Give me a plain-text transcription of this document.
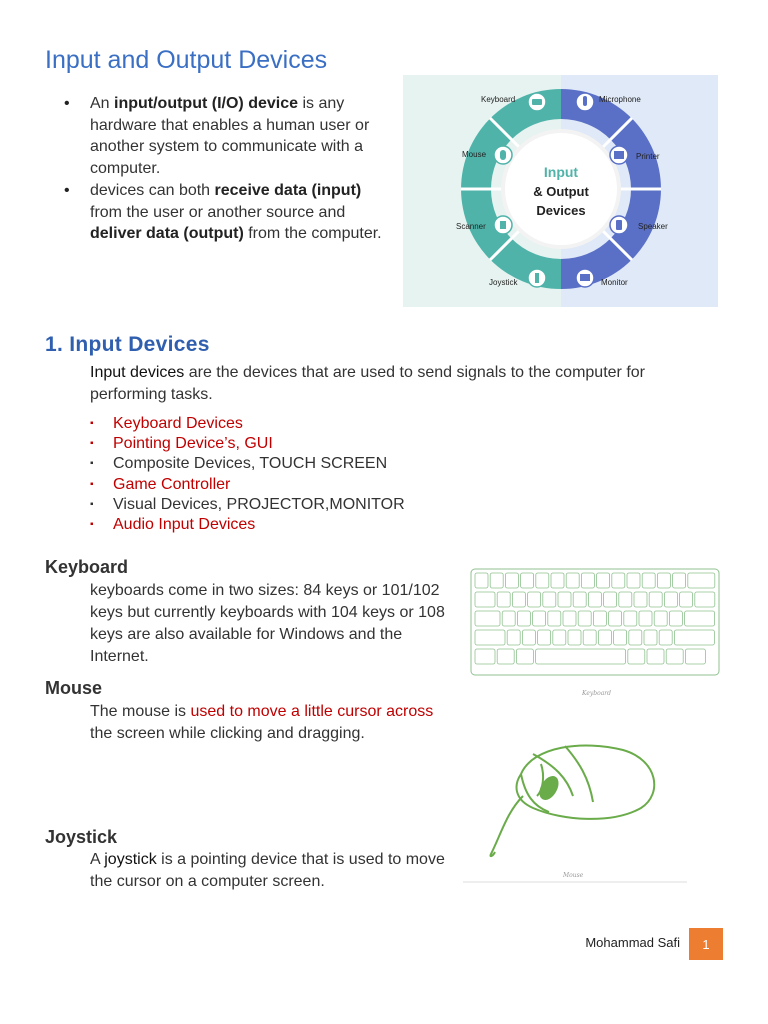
Input and Output Devices
• An input/output (I/O) device is any hardware that enables a human user or another system to communicate with a computer.
• devices can both receive data (input) from the user or another source and deliver data (output) from the computer.
Input
& Output
Devices
Keyboard
Mouse
Scanner
Joystick
Microphone
Printer
Speaker
Monitor
1. Input Devices

Input devices are the devices that are used to send signals to the computer for performing tasks.

▪ Keyboard Devices
▪ Pointing Device’s, GUI
▪ Composite Devices, TOUCH SCREEN
▪ Game Controller
▪ Visual Devices, PROJECTOR,MONITOR
▪ Audio Input Devices
Keyboard

keyboards come in two sizes: 84 keys or 101/102 keys but currently keyboards with 104 keys or 108 keys are also available for Windows and the Internet.

Keyboard
Mouse

The mouse is used to move a little cursor across the screen while clicking and dragging.

Mouse
Joystick

A joystick is a pointing device that is used to move the cursor on a computer screen.

Mohammad Safi	1
